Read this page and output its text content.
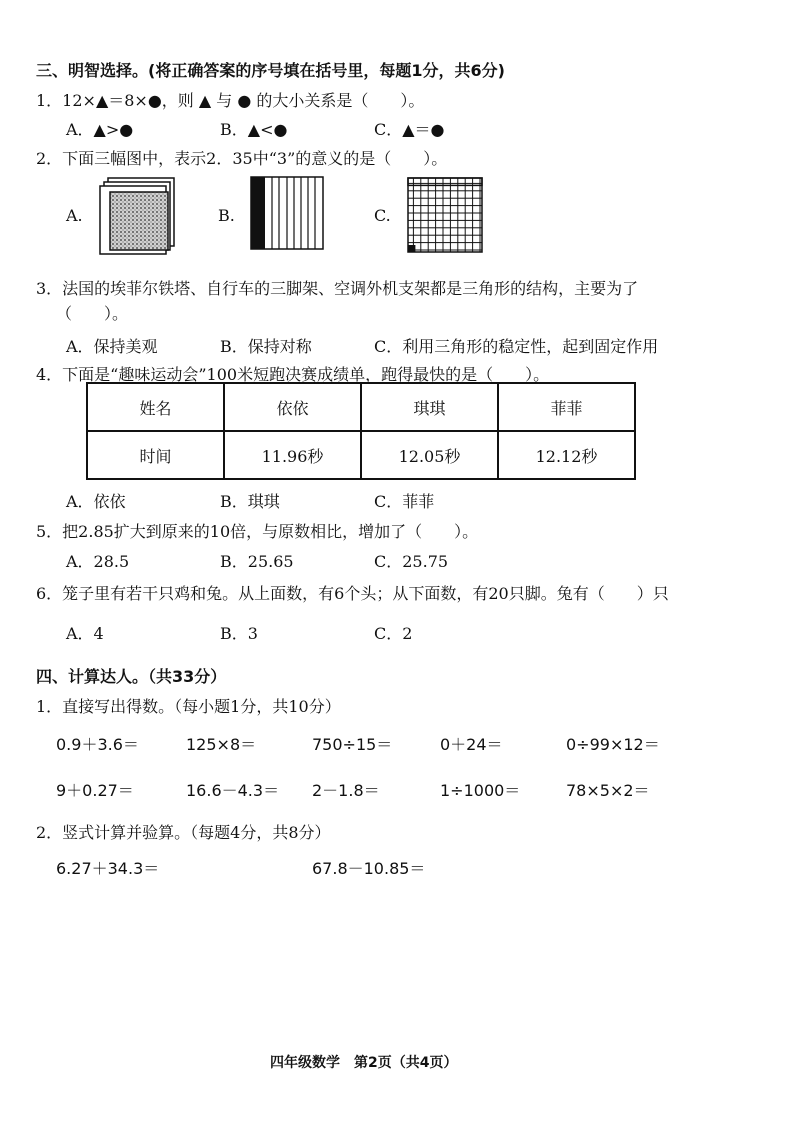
三、明智选择。(将正确答案的序号填在括号里，每题1分，共6分)
1．12×▲＝8×●，则 ▲ 与 ● 的大小关系是（　　）。
A．▲>●	B．▲<●	C．▲＝●
2．下面三幅图中，表示2．35中“3”的意义的是（　　）。
A.	B.	C.
3．法国的埃菲尔铁塔、自行车的三脚架、空调外机支架都是三角形的结构，主要为了
（　　）。
A．保持美观	B．保持对称	C．利用三角形的稳定性，起到固定作用
4．下面是“趣味运动会”100米短跑决赛成绩单，跑得最快的是（　　）。
姓名	依依	琪琪	菲菲
时间	11.96秒	12.05秒	12.12秒
A．依依	B．琪琪	C．菲菲
5．把2.85扩大到原来的10倍，与原数相比，增加了（　　）。
A．28.5	B．25.65	C．25.75
6．笼子里有若干只鸡和兔。从上面数，有6个头；从下面数，有20只脚。兔有（　　）只
A．4	B．3	C．2
四、计算达人。（共33分）
1．直接写出得数。（每小题1分，共10分）
0.9＋3.6＝	125×8＝	750÷15＝	0＋24＝	0÷99×12＝
9＋0.27＝	16.6－4.3＝ 2－1.8＝	1÷1000＝	78×5×2＝
2．竖式计算并验算。（每题4分，共8分）
6.27＋34.3＝	67.8－10.85＝
四年级数学　第2页（共4页）
